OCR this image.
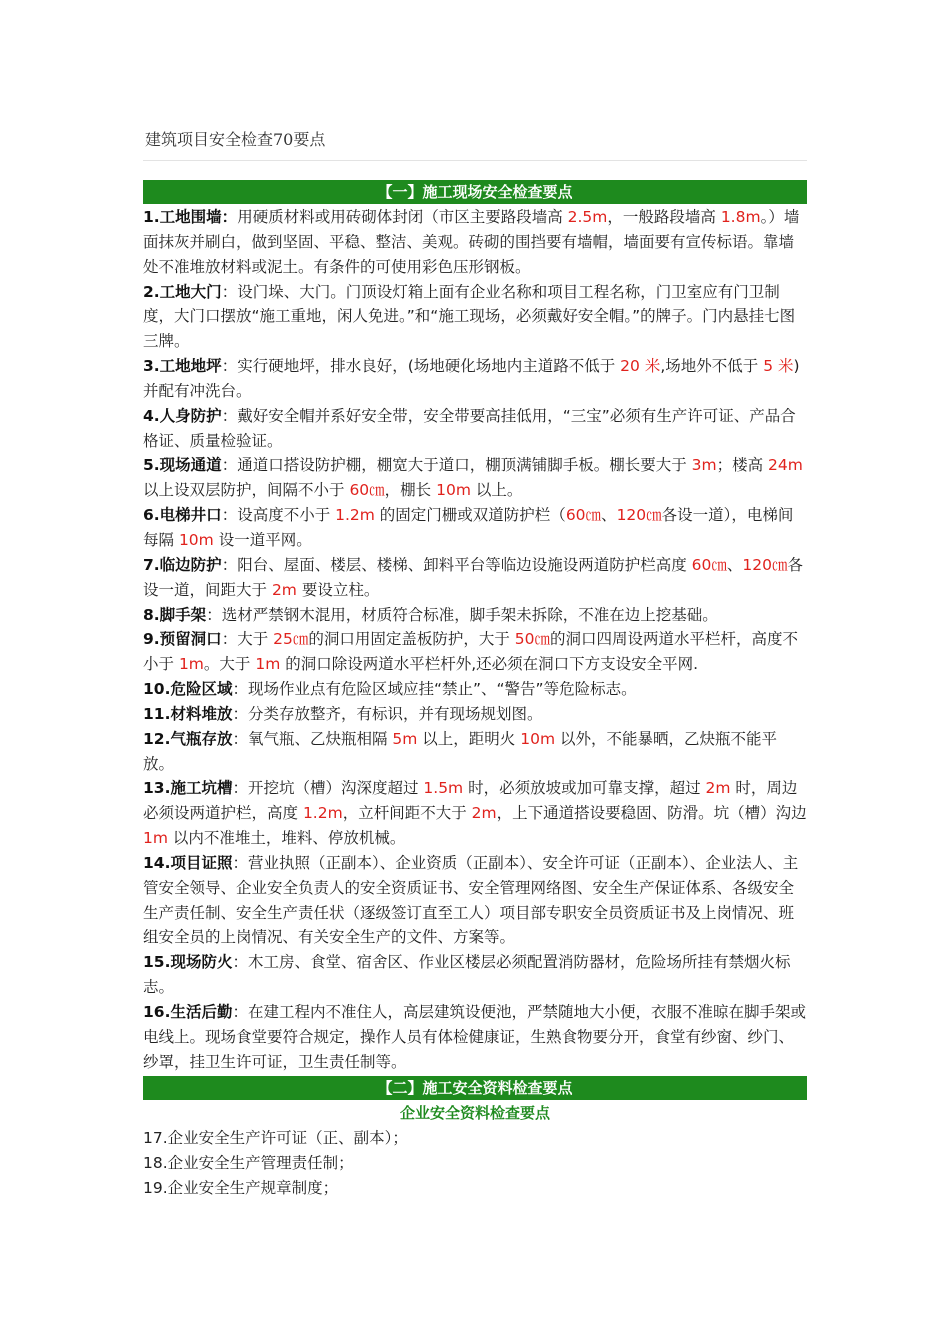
建筑项目安全检查70要点
【一】施工现场安全检查要点

1.工地围墙：用硬质材料或用砖砌体封闭（市区主要路段墙高 2.5m，一般路段墙高 1.8m。）墙面抹灰并刷白，做到坚固、平稳、整洁、美观。砖砌的围挡要有墙帽，墙面要有宣传标语。靠墙处不准堆放材料或泥土。有条件的可使用彩色压形钢板。

2.工地大门：设门垛、大门。门顶设灯箱上面有企业名称和项目工程名称，门卫室应有门卫制度，大门口摆放“施工重地，闲人免进。”和“施工现场，必须戴好安全帽。”的牌子。门内悬挂七图三牌。

3.工地地坪：实行硬地坪，排水良好，(场地硬化场地内主道路不低于 20 米,场地外不低于 5 米)并配有冲洗台。

4.人身防护：戴好安全帽并系好安全带，安全带要高挂低用，“三宝”必须有生产许可证、产品合格证、质量检验证。

5.现场通道：通道口搭设防护棚，棚宽大于道口，棚顶满铺脚手板。棚长要大于 3m；楼高 24m 以上设双层防护，间隔不小于 60㎝，棚长 10m 以上。

6.电梯井口：设高度不小于 1.2m 的固定门栅或双道防护栏（60㎝、120㎝各设一道），电梯间每隔 10m 设一道平网。

7.临边防护：阳台、屋面、楼层、楼梯、卸料平台等临边设施设两道防护栏高度 60㎝、120㎝各设一道，间距大于 2m 要设立柱。

8.脚手架：选材严禁钢木混用，材质符合标准，脚手架未拆除，不准在边上挖基础。

9.预留洞口：大于 25㎝的洞口用固定盖板防护，大于 50㎝的洞口四周设两道水平栏杆，高度不小于 1m。大于 1m 的洞口除设两道水平栏杆外,还必须在洞口下方支设安全平网.

10.危险区域：现场作业点有危险区域应挂“禁止”、“警告”等危险标志。

11.材料堆放：分类存放整齐，有标识，并有现场规划图。

12.气瓶存放：氧气瓶、乙炔瓶相隔 5m 以上，距明火 10m 以外，不能暴晒，乙炔瓶不能平放。

13.施工坑槽：开挖坑（槽）沟深度超过 1.5m 时，必须放坡或加可靠支撑，超过 2m 时，周边必须设两道护栏，高度 1.2m，立杆间距不大于 2m，上下通道搭设要稳固、防滑。坑（槽）沟边 1m 以内不准堆土，堆料、停放机械。

14.项目证照：营业执照（正副本）、企业资质（正副本）、安全许可证（正副本）、企业法人、主管安全领导、企业安全负责人的安全资质证书、安全管理网络图、安全生产保证体系、各级安全生产责任制、安全生产责任状（逐级签订直至工人）项目部专职安全员资质证书及上岗情况、班组安全员的上岗情况、有关安全生产的文件、方案等。

15.现场防火：木工房、食堂、宿舍区、作业区楼层必须配置消防器材，危险场所挂有禁烟火标志。

16.生活后勤：在建工程内不准住人，高层建筑设便池，严禁随地大小便，衣服不准晾在脚手架或电线上。现场食堂要符合规定，操作人员有体检健康证，生熟食物要分开，食堂有纱窗、纱门、纱罩，挂卫生许可证，卫生责任制等。

【二】施工安全资料检查要点
企业安全资料检查要点
17.企业安全生产许可证（正、副本）；
18.企业安全生产管理责任制；
19.企业安全生产规章制度；
